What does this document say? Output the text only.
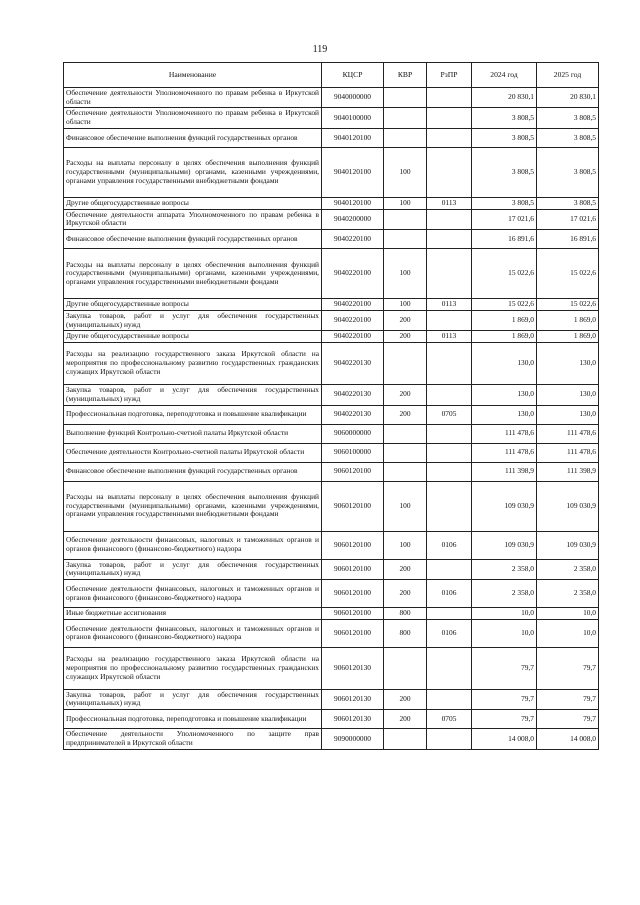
119
Наименование	КЦСР	КВР	РзПР	2024 год	2025 год
Обеспечение деятельности Уполномоченного по правам ребенка в Иркутской области	9040000000			20 830,1	20 830,1
Обеспечение деятельности Уполномоченного по правам ребенка в Иркутской области	9040100000			3 808,5	3 808,5
Финансовое обеспечение выполнения функций государственных органов	9040120100			3 808,5	3 808,5
Расходы на выплаты персоналу в целях обеспечения выполнения функций государственными (муниципальными) органами, казенными учреждениями, органами управления государственными внебюджетными фондами	9040120100	100		3 808,5	3 808,5
Другие общегосударственные вопросы	9040120100	100	0113	3 808,5	3 808,5
Обеспечение деятельности аппарата Уполномоченного по правам ребенка в Иркутской области	9040200000			17 021,6	17 021,6
Финансовое обеспечение выполнения функций государственных органов	9040220100			16 891,6	16 891,6
Расходы на выплаты персоналу в целях обеспечения выполнения функций государственными (муниципальными) органами, казенными учреждениями, органами управления государственными внебюджетными фондами	9040220100	100		15 022,6	15 022,6
Другие общегосударственные вопросы	9040220100	100	0113	15 022,6	15 022,6
Закупка товаров, работ и услуг для обеспечения государственных (муниципальных) нужд	9040220100	200		1 869,0	1 869,0
Другие общегосударственные вопросы	9040220100	200	0113	1 869,0	1 869,0
Расходы на реализацию государственного заказа Иркутской области на мероприятия по профессиональному развитию государственных гражданских служащих Иркутской области	9040220130			130,0	130,0
Закупка товаров, работ и услуг для обеспечения государственных (муниципальных) нужд	9040220130	200		130,0	130,0
Профессиональная подготовка, переподготовка и повышение квалификации	9040220130	200	0705	130,0	130,0
Выполнение функций Контрольно-счетной палаты Иркутской области	9060000000			111 478,6	111 478,6
Обеспечение деятельности Контрольно-счетной палаты Иркутской области	9060100000			111 478,6	111 478,6
Финансовое обеспечение выполнения функций государственных органов	9060120100			111 398,9	111 398,9
Расходы на выплаты персоналу в целях обеспечения выполнения функций государственными (муниципальными) органами, казенными учреждениями, органами управления государственными внебюджетными фондами	9060120100	100		109 030,9	109 030,9
Обеспечение деятельности финансовых, налоговых и таможенных органов и органов финансового (финансово-бюджетного) надзора	9060120100	100	0106	109 030,9	109 030,9
Закупка товаров, работ и услуг для обеспечения государственных (муниципальных) нужд	9060120100	200		2 358,0	2 358,0
Обеспечение деятельности финансовых, налоговых и таможенных органов и органов финансового (финансово-бюджетного) надзора	9060120100	200	0106	2 358,0	2 358,0
Иные бюджетные ассигнования	9060120100	800		10,0	10,0
Обеспечение деятельности финансовых, налоговых и таможенных органов и органов финансового (финансово-бюджетного) надзора	9060120100	800	0106	10,0	10,0
Расходы на реализацию государственного заказа Иркутской области на мероприятия по профессиональному развитию государственных гражданских служащих Иркутской области	9060120130			79,7	79,7
Закупка товаров, работ и услуг для обеспечения государственных (муниципальных) нужд	9060120130	200		79,7	79,7
Профессиональная подготовка, переподготовка и повышение квалификации	9060120130	200	0705	79,7	79,7
Обеспечение деятельности Уполномоченного по защите прав предпринимателей в Иркутской области	9090000000			14 008,0	14 008,0
